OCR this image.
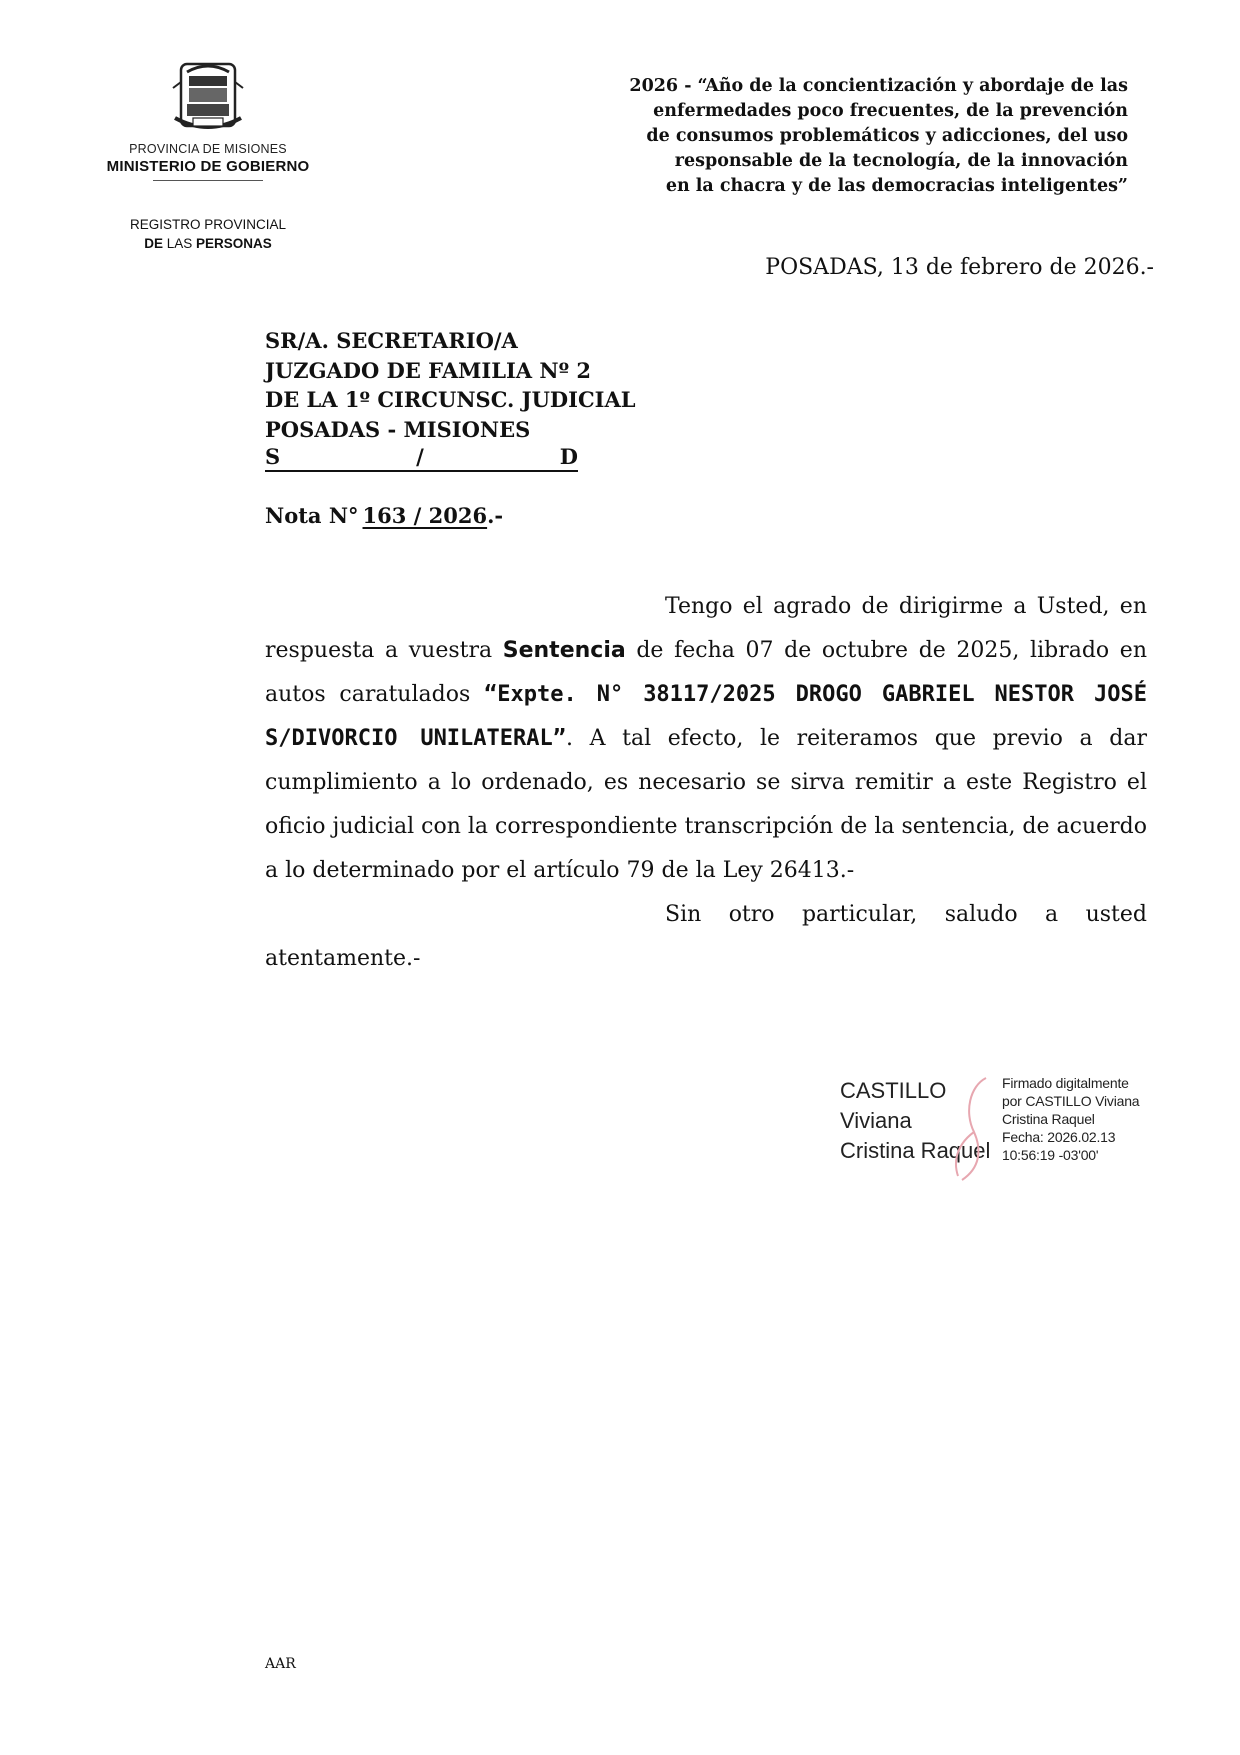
PROVINCIA DE MISIONES
MINISTERIO DE GOBIERNO
REGISTRO PROVINCIAL
DE LAS PERSONAS
2026 - “Año de la concientización y abordaje de las
enfermedades poco frecuentes, de la prevención
de consumos problemáticos y adicciones, del uso
responsable de la tecnología, de la innovación
en la chacra y de las democracias inteligentes”
POSADAS, 13 de febrero de 2026.-
SR/A. SECRETARIO/A
JUZGADO DE FAMILIA Nº 2
DE LA 1º CIRCUNSC. JUDICIAL
POSADAS - MISIONES
S	/	D
Nota N° 163 / 2026.-

Tengo el agrado de dirigirme a Usted, en respuesta a vuestra Sentencia de fecha 07 de octubre de 2025, librado en autos caratulados “Expte. N° 38117/2025 DROGO GABRIEL NESTOR JOSÉ S/DIVORCIO UNILATERAL”. A tal efecto, le reiteramos que previo a dar cumplimiento a lo ordenado, es necesario se sirva remitir a este Registro el oficio judicial con la correspondiente transcripción de la sentencia, de acuerdo a lo determinado por el artículo 79 de la Ley 26413.-

Sin otro particular, saludo a usted atentamente.-

CASTILLO
Viviana
Cristina Raquel
Firmado digitalmente
por CASTILLO Viviana
Cristina Raquel
Fecha: 2026.02.13
10:56:19 -03'00'
AAR
